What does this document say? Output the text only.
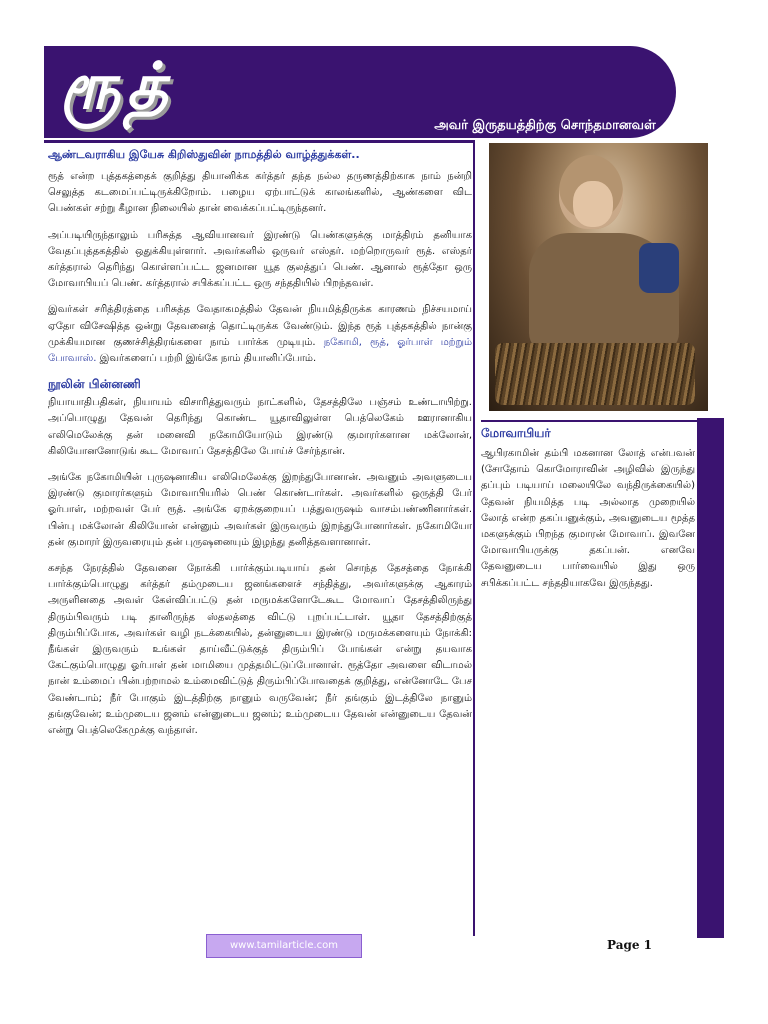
ரூத்
அவர் இருதயத்திற்கு சொந்தமானவள்
ஆண்டவராகிய இயேசு கிறிஸ்துவின் நாமத்தில் வாழ்த்துக்கள்..

ரூத் என்ற புத்தகத்தைக் குறித்து தியானிக்க கர்த்தர் தந்த நல்ல தருணத்திற்காக நாம் நன்றி செலுத்த கடமைப்பட்டிருக்கிறோம். பழைய ஏற்பாட்டுக் காலங்களில், ஆண்களை விட பெண்கள் சற்று கீழான நிலையில் தான் வைக்கப்பட்டிருந்தனர்.

அப்படியிருந்தாலும் பரிசுத்த ஆவியானவர் இரண்டு பெண்களுக்கு மாத்திரம் தனியாக வேதப்புத்தகத்தில் ஒதுக்கியுள்ளார். அவர்களில் ஒருவர் எஸ்தர். மற்றொருவர் ரூத். எஸ்தர் கர்த்தரால் தெரிந்து கொள்ளப்பட்ட ஜனமான யூத குலத்துப் பெண். ஆனால் ரூத்தோ ஒரு மோவாபியப் பெண். கர்த்தரால் சபிக்கப்பட்ட ஒரு சந்ததியில் பிறந்தவள்.

இவர்கள் சரித்திரத்தை பரிசுத்த வேதாகமத்தில் தேவன் நியமித்திருக்க காரணம் நிச்சயமாய் ஏதோ விசேஷித்த ஒன்று தேவனைத் தொட்டிருக்க வேண்டும். இந்த ரூத் புத்தகத்தில் நான்கு முக்கியமான குணச்சித்திரங்களை நாம் பார்க்க முடியும். நகோமி, ரூத், ஓர்பாள் மற்றும் போவாஸ். இவர்களைப் பற்றி இங்கே நாம் தியானிப்போம்.

நூலின் பின்னணி

நியாயாதிபதிகள், நியாயம் விசாரித்துவரும் நாட்களில், தேசத்திலே பஞ்சம் உண்டாயிற்று. அப்பொழுது தேவன் தெரிந்து கொண்ட யூதாவிலுள்ள பெத்லெகேம் ஊரானாகிய எலிமெலேக்கு தன் மனைவி நகோமியோடும் இரண்டு குமாரர்களான மக்லோன், கிலியோனனோடுங் கூட மோவாப் தேசத்திலே போய்ச் சேர்ந்தான்.

அங்கே நகோமியின் புருஷனாகிய எலிமெலேக்கு இறந்துபோனான். அவனும் அவளுடைய இரண்டு குமாரர்களும் மோவாபியரில் பெண் கொண்டார்கள். அவர்களில் ஒருத்தி பேர் ஓர்பாள், மற்றவள் பேர் ரூத். அங்கே ஏறக்குறையப் பத்துவருஷம் வாசம்பண்ணினார்கள். பின்பு மக்லோன் கிலியோன் என்னும் அவர்கள் இருவரும் இறந்துபோனார்கள். நகோமியோ தன் குமாரர் இருவரையும் தன் புருஷனையும் இழந்து தனித்தவளானாள்.

கசந்த நேரத்தில் தேவனை நோக்கி பார்க்கும்படியாய் தன் சொந்த தேசத்தை நோக்கி பார்க்கும்பொழுது கர்த்தர் தம்முடைய ஜனங்களைச் சந்தித்து, அவர்களுக்கு ஆகாரம் அருளினதை அவள் கேள்விப்பட்டு தன் மருமக்களோடேகூட மோவாப் தேசத்திலிருந்து திரும்பிவரும் படி தானிருந்த ஸ்தலத்தை விட்டு புறப்பட்டாள். யூதா தேசத்திற்குத் திரும்பிப்போக, அவர்கள் வழி நடக்கையில், தன்னுடைய இரண்டு மருமக்களையும் நோக்கி: நீங்கள் இருவரும் உங்கள் தாய்வீட்டுக்குத் திரும்பிப் போங்கள் என்று தயவாக கேட்கும்பொழுது ஓர்பாள் தன் மாமியை முத்தமிட்டுப்போனாள். ரூத்தோ அவளை விடாமல் நான் உம்மைப் பின்பற்றாமல் உம்மைவிட்டுத் திரும்பிப்போவதைக் குறித்து, என்னோடே பேச வேண்டாம்; நீர் போகும் இடத்திற்கு நானும் வருவேன்; நீர் தங்கும் இடத்திலே நானும் தங்குவேன்; உம்முடைய ஜனம் என்னுடைய ஜனம்; உம்முடைய தேவன் என்னுடைய தேவன் என்று பெத்லெகேமுக்கு வந்தாள்.

மோவாபியர்
ஆபிரகாமின் தம்பி மகனான லோத் என்பவன் (சோதோம் கொமோராவின் அழிவில் இருந்து தப்பும் படியாய் மலையிலே வந்திருக்கையில்) தேவன் நியமித்த படி அல்லாத முறையில் லோத் என்ற தகப்பனுக்கும், அவனுடைய மூத்த மகளுக்கும் பிறந்த குமாரன் மோவாப். இவனே மோவாபியருக்கு தகப்பன். எனவே தேவனுடைய பார்வையில் இது ஒரு சபிக்கப்பட்ட சந்ததியாகவே இருந்தது.
www.tamilarticle.com	Page 1
